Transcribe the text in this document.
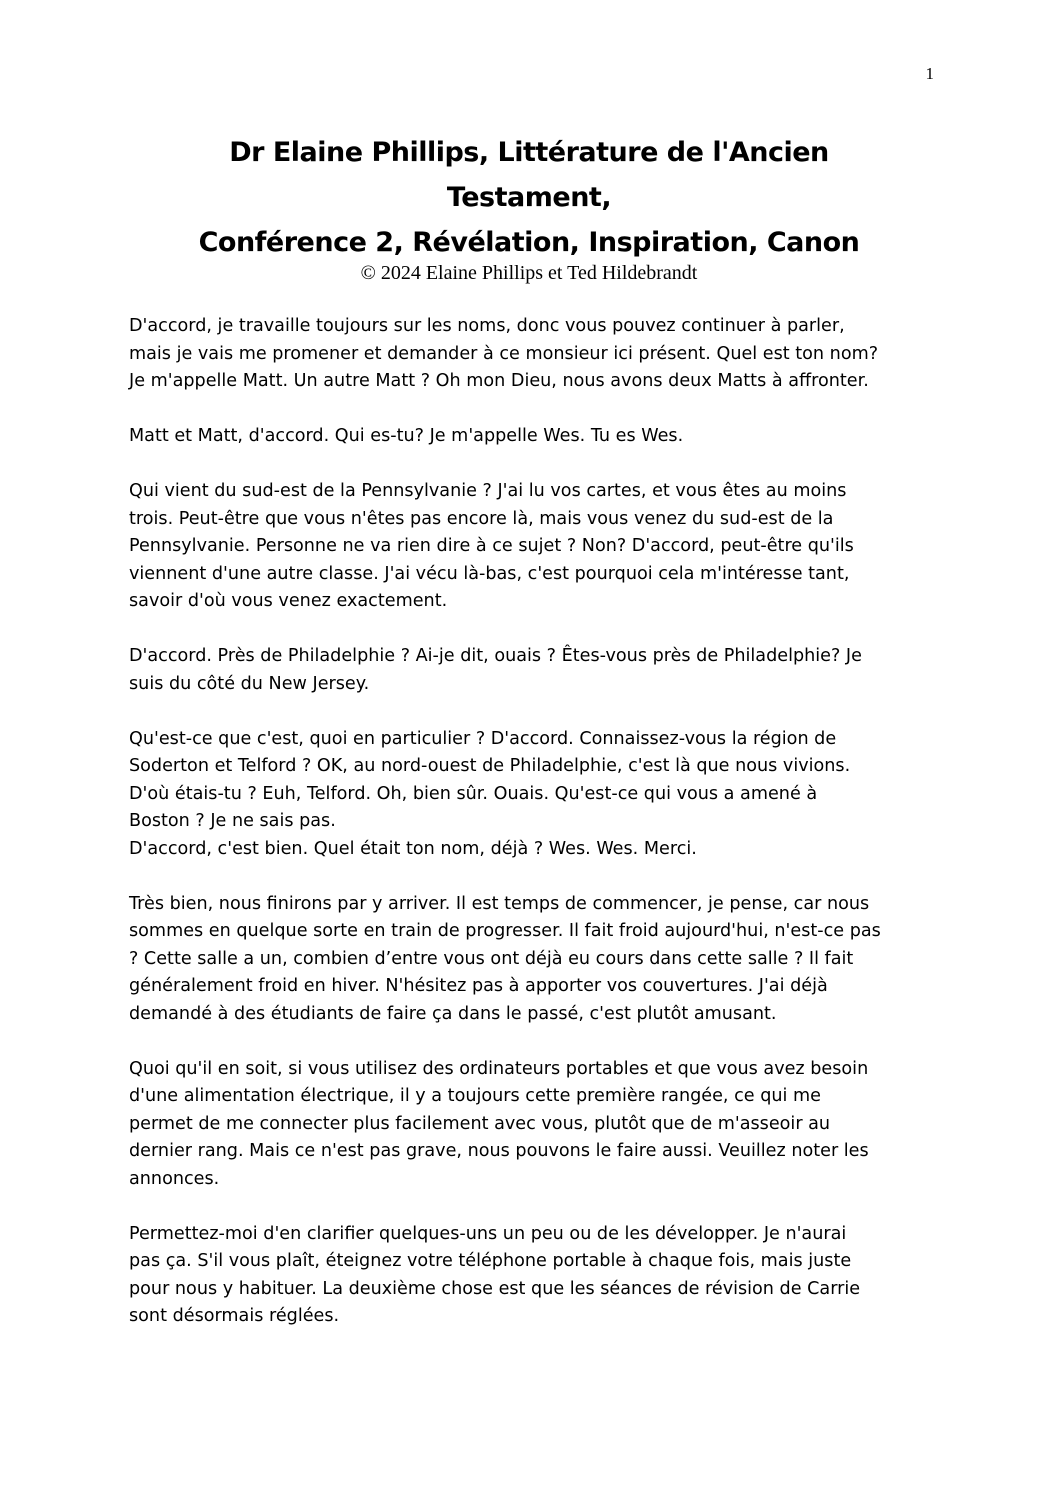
1
Dr Elaine Phillips, Littérature de l'Ancien
Testament,
Conférence 2, Révélation, Inspiration, Canon
© 2024 Elaine Phillips et Ted Hildebrandt
D'accord, je travaille toujours sur les noms, donc vous pouvez continuer à parler,
mais je vais me promener et demander à ce monsieur ici présent. Quel est ton nom?
Je m'appelle Matt. Un autre Matt ? Oh mon Dieu, nous avons deux Matts à affronter.
Matt et Matt, d'accord. Qui es-tu? Je m'appelle Wes. Tu es Wes.
Qui vient du sud-est de la Pennsylvanie ? J'ai lu vos cartes, et vous êtes au moins
trois. Peut-être que vous n'êtes pas encore là, mais vous venez du sud-est de la
Pennsylvanie. Personne ne va rien dire à ce sujet ? Non? D'accord, peut-être qu'ils
viennent d'une autre classe. J'ai vécu là-bas, c'est pourquoi cela m'intéresse tant,
savoir d'où vous venez exactement.
D'accord. Près de Philadelphie ? Ai-je dit, ouais ? Êtes-vous près de Philadelphie? Je
suis du côté du New Jersey.
Qu'est-ce que c'est, quoi en particulier ? D'accord. Connaissez-vous la région de
Soderton et Telford ? OK, au nord-ouest de Philadelphie, c'est là que nous vivions.
D'où étais-tu ? Euh, Telford. Oh, bien sûr. Ouais. Qu'est-ce qui vous a amené à
Boston ? Je ne sais pas.
D'accord, c'est bien. Quel était ton nom, déjà ? Wes. Wes. Merci.
Très bien, nous finirons par y arriver. Il est temps de commencer, je pense, car nous
sommes en quelque sorte en train de progresser. Il fait froid aujourd'hui, n'est-ce pas
? Cette salle a un, combien d’entre vous ont déjà eu cours dans cette salle ? Il fait
généralement froid en hiver. N'hésitez pas à apporter vos couvertures. J'ai déjà
demandé à des étudiants de faire ça dans le passé, c'est plutôt amusant.
Quoi qu'il en soit, si vous utilisez des ordinateurs portables et que vous avez besoin
d'une alimentation électrique, il y a toujours cette première rangée, ce qui me
permet de me connecter plus facilement avec vous, plutôt que de m'asseoir au
dernier rang. Mais ce n'est pas grave, nous pouvons le faire aussi. Veuillez noter les
annonces.
Permettez-moi d'en clarifier quelques-uns un peu ou de les développer. Je n'aurai
pas ça. S'il vous plaît, éteignez votre téléphone portable à chaque fois, mais juste
pour nous y habituer. La deuxième chose est que les séances de révision de Carrie
sont désormais réglées.
